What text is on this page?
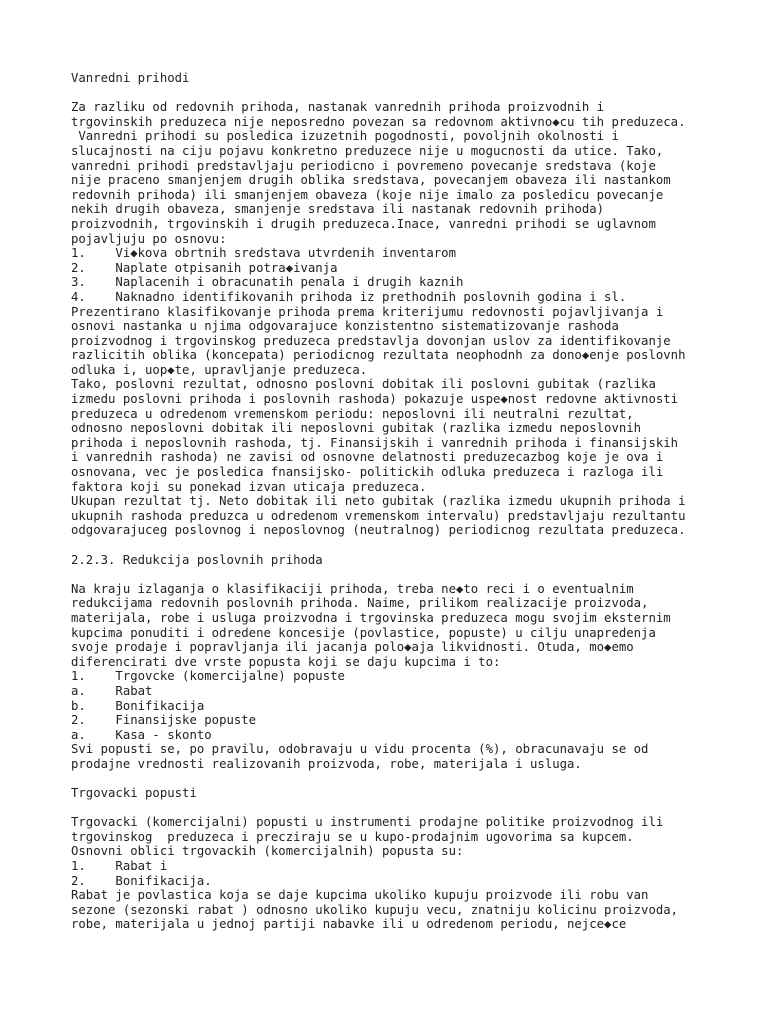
Vanredni prihodi
Za razliku od redovnih prihoda, nastanak vanrednih prihoda proizvodnih i
trgovinskih preduzeca nije neposredno povezan sa redovnom aktivno◆cu tih preduzeca.
Vanredni prihodi su posledica izuzetnih pogodnosti, povoljnih okolnosti i
slucajnosti na ciju pojavu konkretno preduzece nije u mogucnosti da utice. Tako,
vanredni prihodi predstavljaju periodicno i povremeno povecanje sredstava (koje
nije praceno smanjenjem drugih oblika sredstava, povecanjem obaveza ili nastankom
redovnih prihoda) ili smanjenjem obaveza (koje nije imalo za posledicu povecanje
nekih drugih obaveza, smanjenje sredstava ili nastanak redovnih prihoda)
proizvodnih, trgovinskih i drugih preduzeca.Inace, vanredni prihodi se uglavnom
pojavljuju po osnovu:
1.    Vi◆kova obrtnih sredstava utvrdenih inventarom
2.    Naplate otpisanih potra◆ivanja
3.    Naplacenih i obracunatih penala i drugih kaznih
4.    Naknadno identifikovanih prihoda iz prethodnih poslovnih godina i sl.
Prezentirano klasifikovanje prihoda prema kriterijumu redovnosti pojavljivanja i
osnovi nastanka u njima odgovarajuce konzistentno sistematizovanje rashoda
proizvodnog i trgovinskog preduzeca predstavlja dovonjan uslov za identifikovanje
razlicitih oblika (koncepata) periodicnog rezultata neophodnh za dono◆enje poslovnh
odluka i, uop◆te, upravljanje preduzeca.
Tako, poslovni rezultat, odnosno poslovni dobitak ili poslovni gubitak (razlika
izmedu poslovni prihoda i poslovnih rashoda) pokazuje uspe◆nost redovne aktivnosti
preduzeca u odredenom vremenskom periodu: neposlovni ili neutralni rezultat,
odnosno neposlovni dobitak ili neposlovni gubitak (razlika izmedu neposlovnih
prihoda i neposlovnih rashoda, tj. Finansijskih i vanrednih prihoda i finansijskih
i vanrednih rashoda) ne zavisi od osnovne delatnosti preduzecazbog koje je ova i
osnovana, vec je posledica fnansijsko- politickih odluka preduzeca i razloga ili
faktora koji su ponekad izvan uticaja preduzeca.
Ukupan rezultat tj. Neto dobitak ili neto gubitak (razlika izmedu ukupnih prihoda i
ukupnih rashoda preduzca u odredenom vremenskom intervalu) predstavljaju rezultantu
odgovarajuceg poslovnog i neposlovnog (neutralnog) periodicnog rezultata preduzeca.
2.2.3. Redukcija poslovnih prihoda
Na kraju izlaganja o klasifikaciji prihoda, treba ne◆to reci i o eventualnim
redukcijama redovnih poslovnih prihoda. Naime, prilikom realizacije proizvoda,
materijala, robe i usluga proizvodna i trgovinska preduzeca mogu svojim eksternim
kupcima ponuditi i odredene koncesije (povlastice, popuste) u cilju unapredenja
svoje prodaje i popravljanja ili jacanja polo◆aja likvidnosti. Otuda, mo◆emo
diferencirati dve vrste popusta koji se daju kupcima i to:
1.    Trgovcke (komercijalne) popuste
a.    Rabat
b.    Bonifikacija
2.    Finansijske popuste
a.    Kasa - skonto
Svi popusti se, po pravilu, odobravaju u vidu procenta (%), obracunavaju se od
prodajne vrednosti realizovanih proizvoda, robe, materijala i usluga.
Trgovacki popusti
Trgovacki (komercijalni) popusti u instrumenti prodajne politike proizvodnog ili
trgovinskog  preduzeca i precziraju se u kupo-prodajnim ugovorima sa kupcem.
Osnovni oblici trgovackih (komercijalnih) popusta su:
1.    Rabat i
2.    Bonifikacija.
Rabat je povlastica koja se daje kupcima ukoliko kupuju proizvode ili robu van
sezone (sezonski rabat ) odnosno ukoliko kupuju vecu, znatniju kolicinu proizvoda,
robe, materijala u jednoj partiji nabavke ili u odredenom periodu, nejce◆ce
